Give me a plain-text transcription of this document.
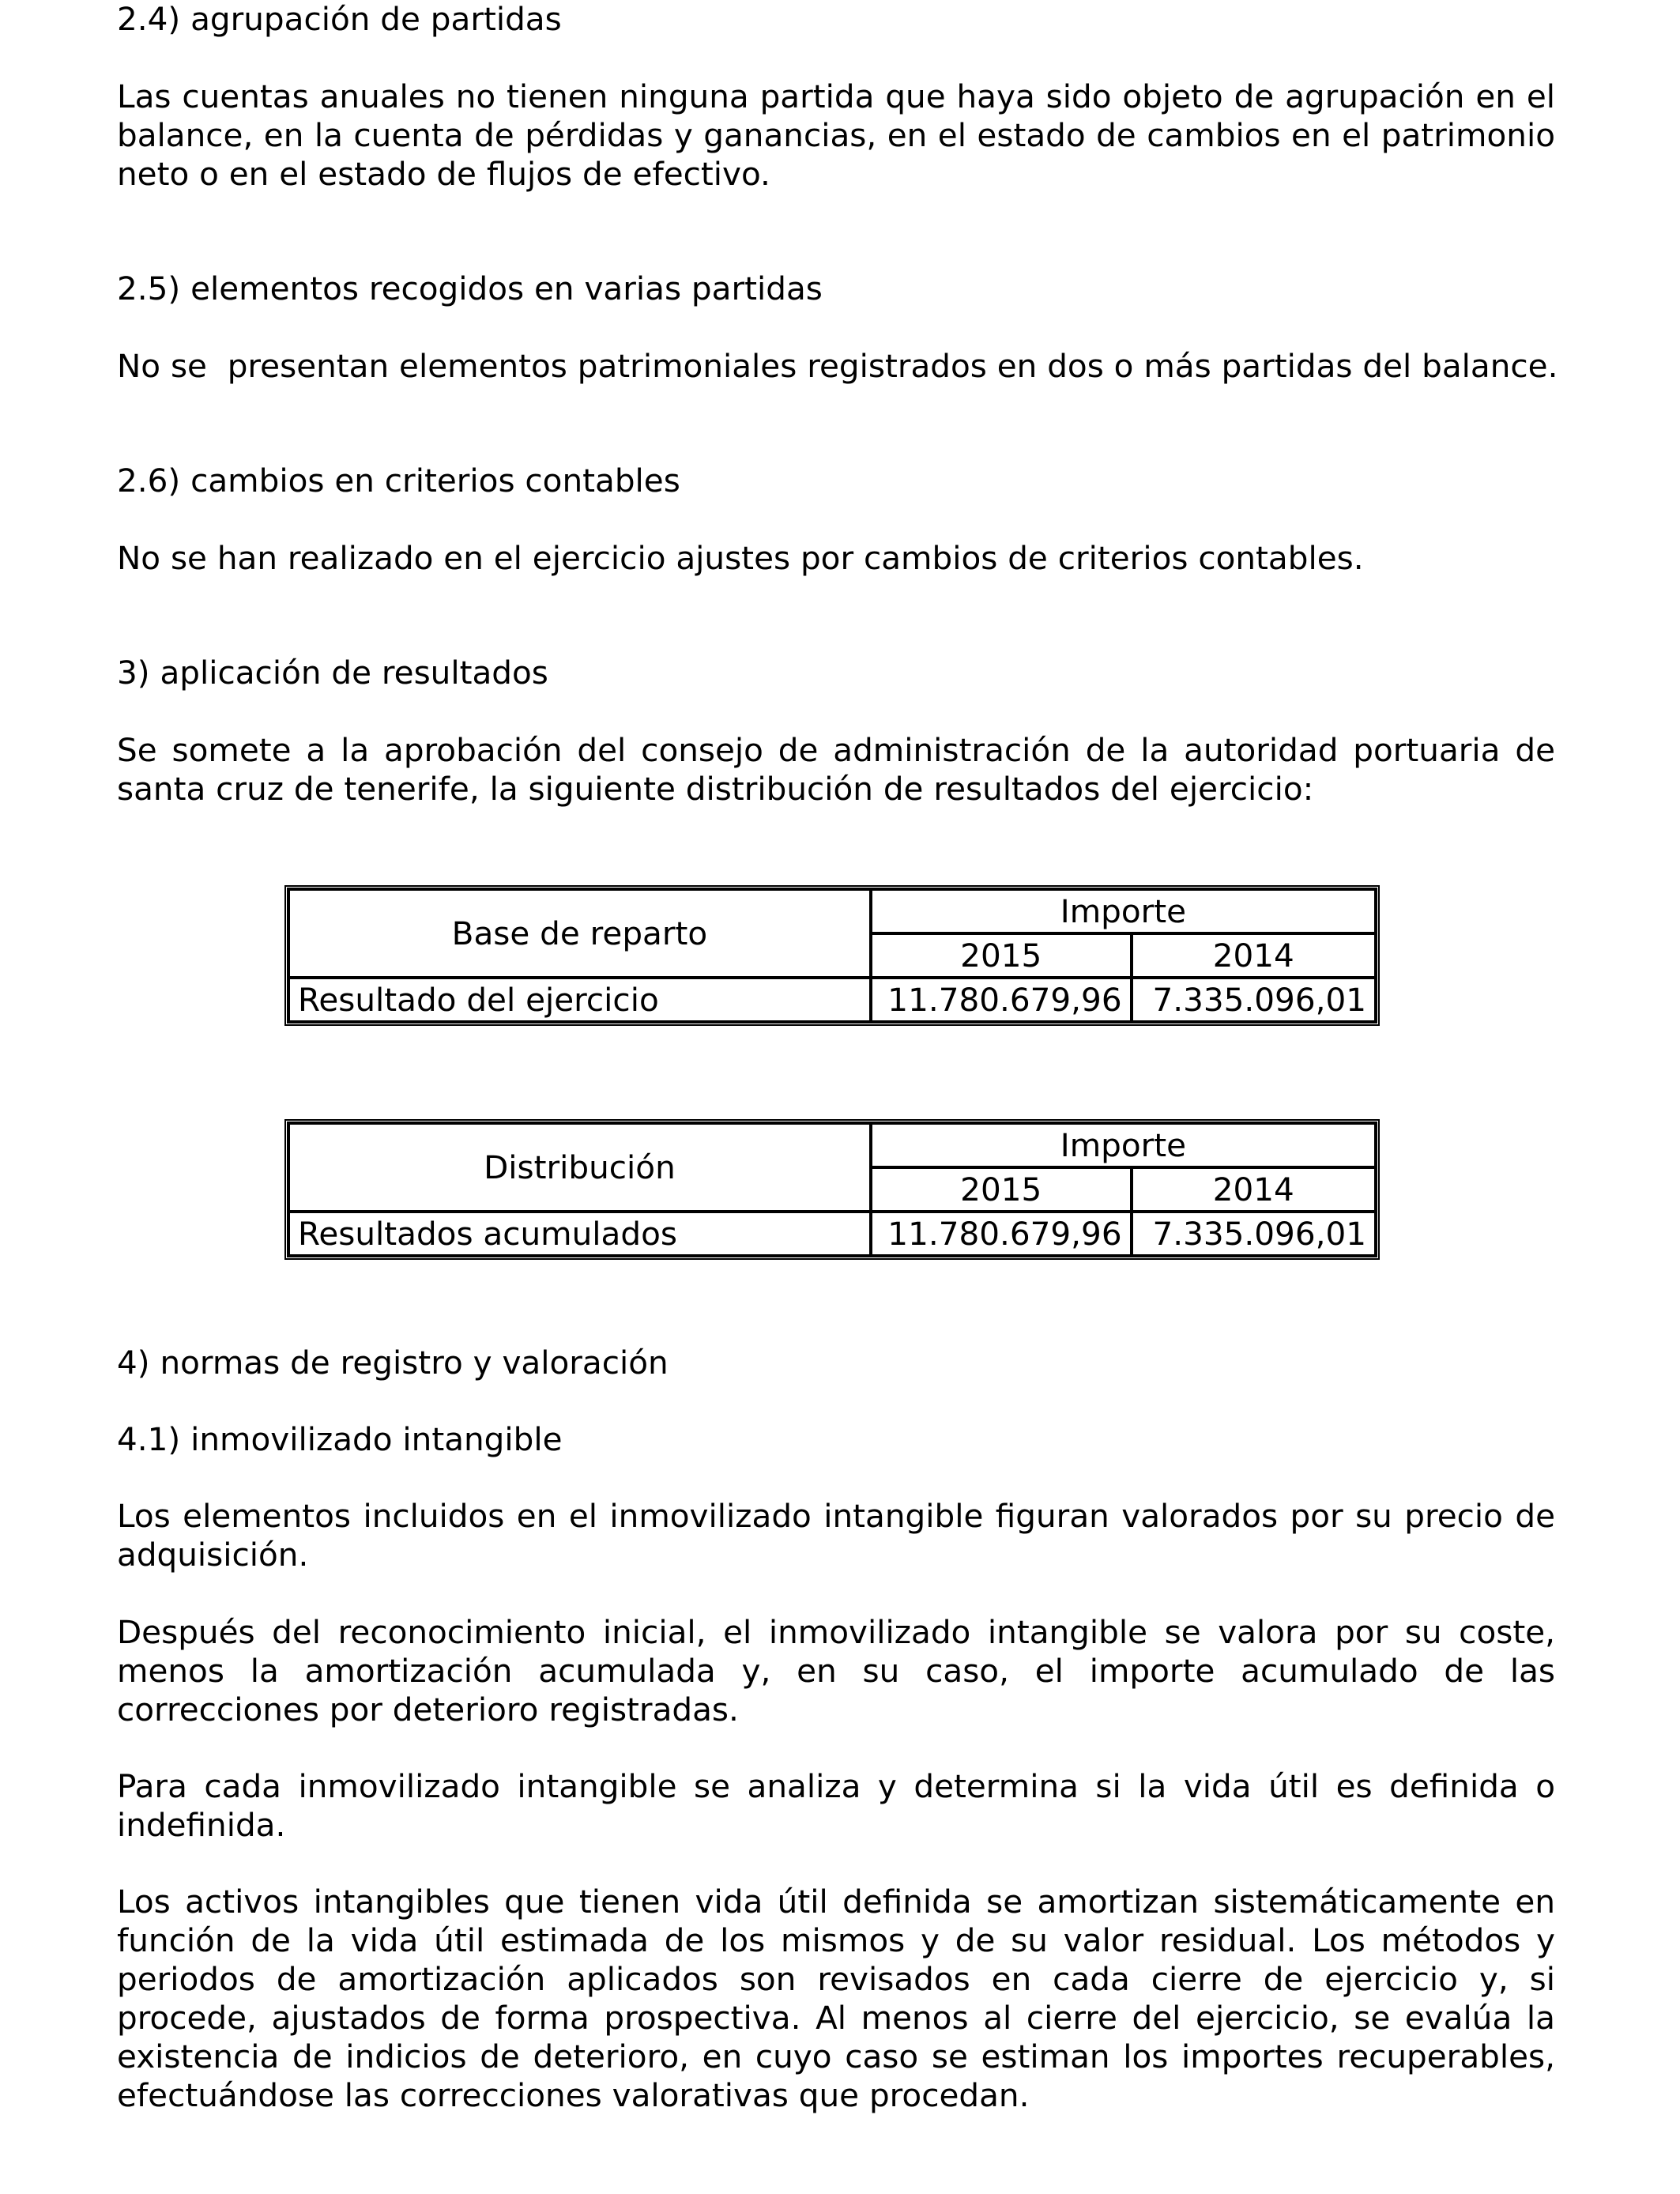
2.4) agrupación de partidas

Las cuentas anuales no tienen ninguna partida que haya sido objeto de agrupación en el balance, en la cuenta de pérdidas y ganancias, en el estado de cambios en el patrimonio neto o en el estado de flujos de efectivo.

2.5) elementos recogidos en varias partidas

No se  presentan elementos patrimoniales registrados en dos o más partidas del balance.

2.6) cambios en criterios contables

No se han realizado en el ejercicio ajustes por cambios de criterios contables.

3) aplicación de resultados

Se somete a la aprobación del consejo de administración de la autoridad portuaria de santa cruz de tenerife, la siguiente distribución de resultados del ejercicio:

Base de reparto	Importe	
	2015	2014
Resultado del ejercicio	11.780.679,96	7.335.096,01
Distribución	Importe	
	2015	2014
Resultados acumulados	11.780.679,96	7.335.096,01
4) normas de registro y valoración
4.1) inmovilizado intangible

Los elementos incluidos en el inmovilizado intangible figuran valorados por su precio de adquisición.

Después del reconocimiento inicial, el inmovilizado intangible se valora por su coste, menos la amortización acumulada y, en su caso, el importe acumulado de las correcciones por deterioro registradas.

Para cada inmovilizado intangible se analiza y determina si la vida útil es definida o indefinida.

Los activos intangibles que tienen vida útil definida se amortizan sistemáticamente en función de la vida útil estimada de los mismos y de su valor residual. Los métodos y periodos de amortización aplicados son revisados en cada cierre de ejercicio y, si procede, ajustados de forma prospectiva. Al menos al cierre del ejercicio, se evalúa la existencia de indicios de deterioro, en cuyo caso se estiman los importes recuperables, efectuándose las correcciones valorativas que procedan.
